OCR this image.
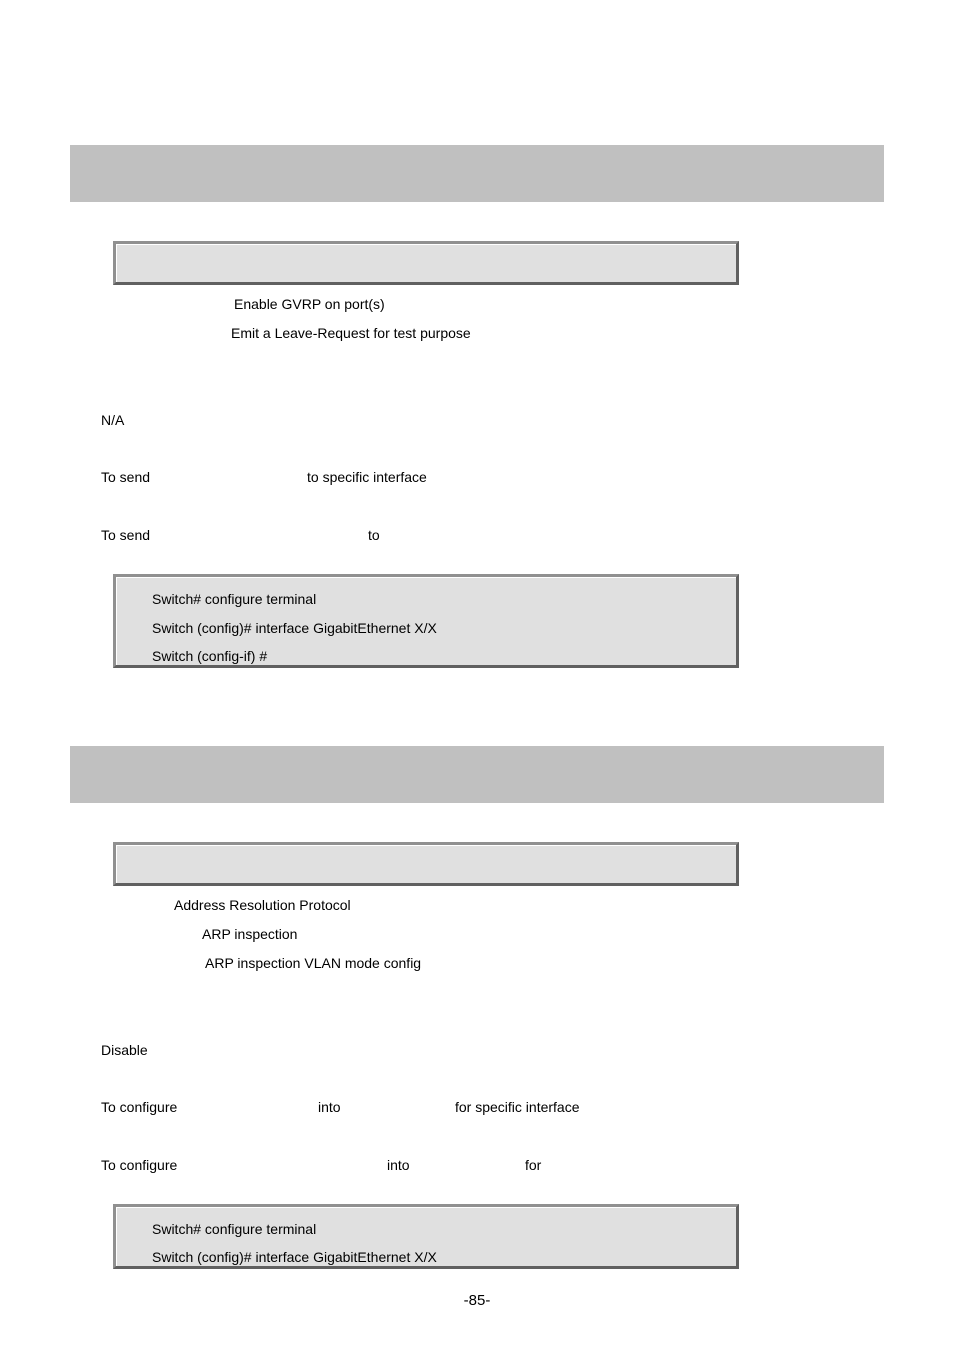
Enable GVRP on port(s)
Emit a Leave-Request for test purpose
N/A
To send	to specific interface
To send	to
Switch# configure terminal
Switch (config)# interface GigabitEthernet X/X
Switch (config-if) #
Address Resolution Protocol
ARP inspection
ARP inspection VLAN mode config
Disable
To configure	into	for specific interface
To configure	into	for
Switch# configure terminal
Switch (config)# interface GigabitEthernet X/X
-85-
